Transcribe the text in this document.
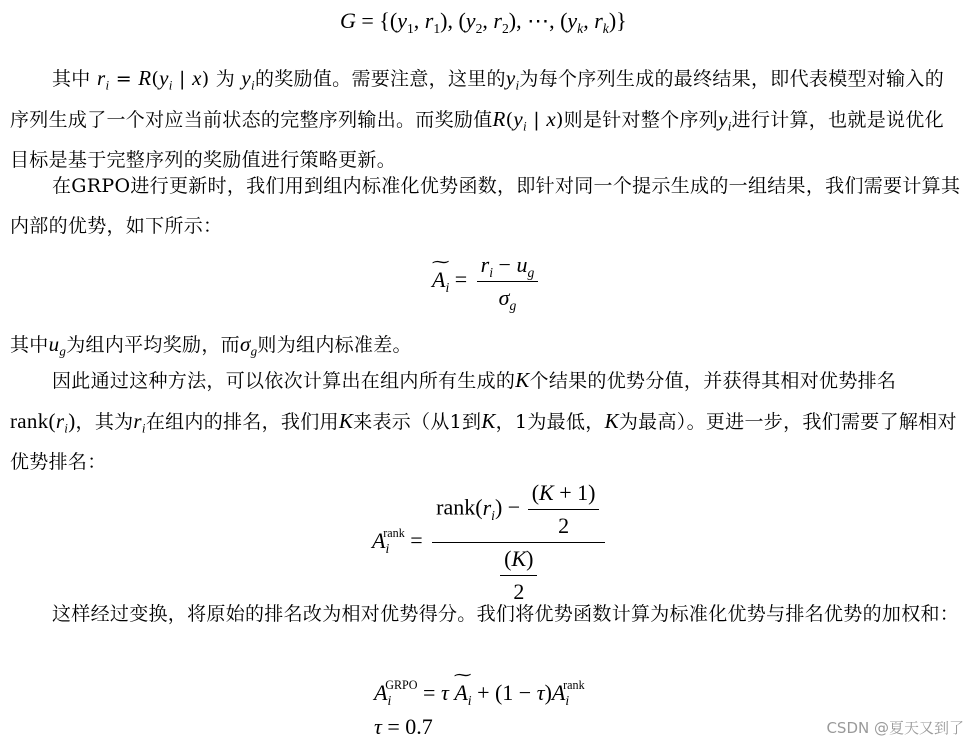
$G = \{(y_1$, $r_1$), ($y_2$, $r_2$), ⋯, ($y_k$, $r_k$)}
其中 $r_i = R(y_i$ | x) 为 $y_i$的奖励值。需要注意，这里的$y_i$为每个序列生成的最终结果，即代表模型对输入的序列生成了一个对应当前状态的完整序列输出。而奖励值$R(y_i$ | x)则是针对整个序列$y_i$进行计算，也就是说优化目标是基于完整序列的奖励值进行策略更新。
在GRPO进行更新时，我们用到组内标准化优势函数，即针对同一个提示生成的一组结果，我们需要计算其内部的优势，如下所示：
∼ $A_i = \frac{r_i - u_g}{\sigma_g}$
其中$u_g$为组内平均奖励，而$\sigma_g$则为组内标准差。
因此通过这种方法，可以依次计算出在组内所有生成的K个结果的优势分值，并获得其相对优势排名$rank(r_i)$，其为$r_i$在组内的排名，我们用K来表示（从1到K，1为最低，K为最高）。更进一步，我们需要了解相对优势排名：
$A_i^{rank} = \frac{rank(r_i) - \frac{(K + 1)}{2}}{\frac{(K)}{2}}$
这样经过变换，将原始的排名改为相对优势得分。我们将优势函数计算为标准化优势与排名优势的加权和：
$A_i^{GRPO} = \tau$ ∼ $A_i + (1 - \tau)A_i^{rank}$
τ = 0.7	CSDN @夏天又到了
